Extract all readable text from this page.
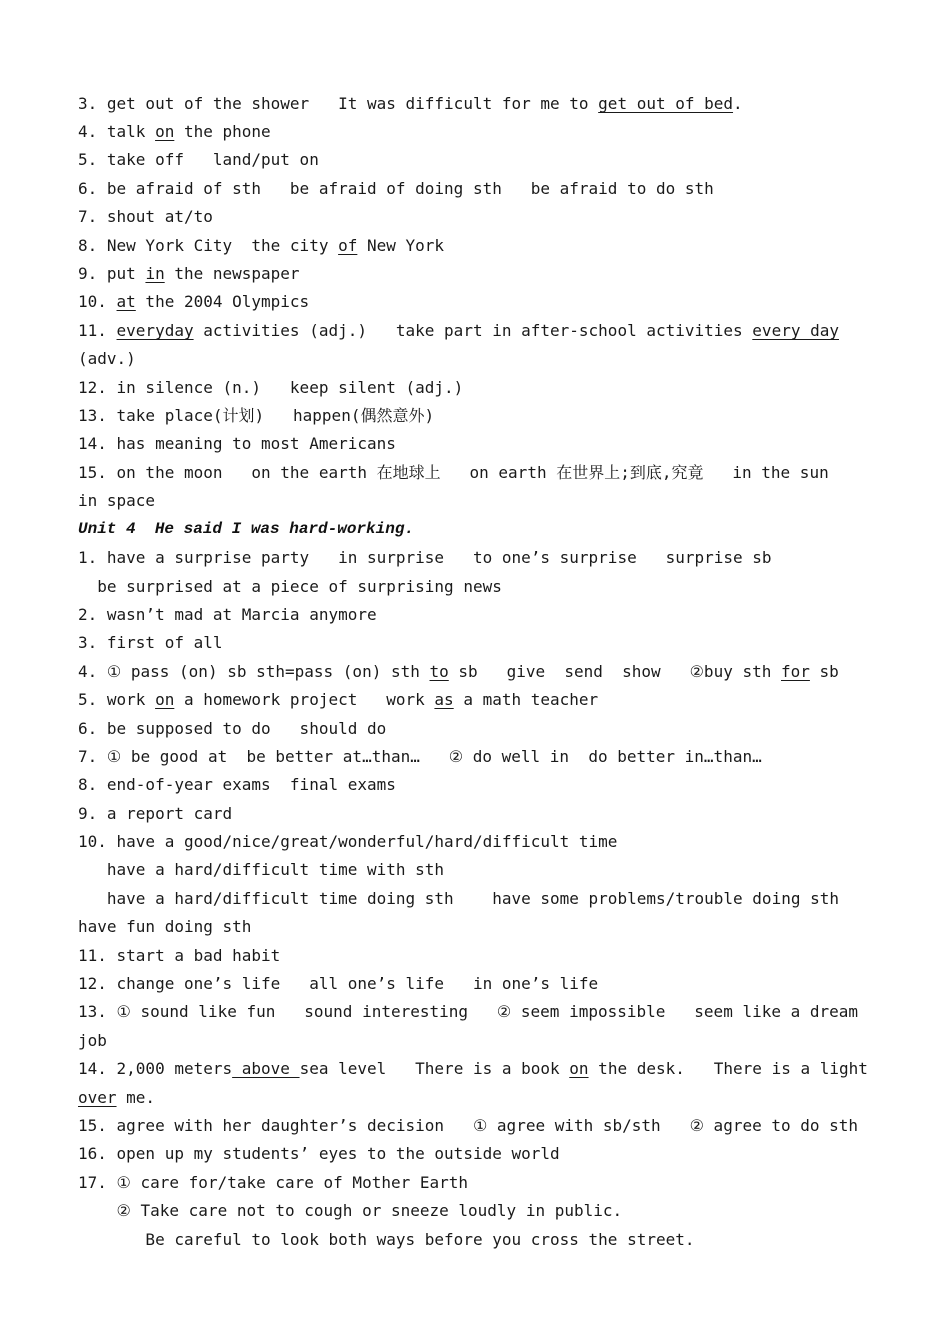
3. get out of the shower   It was difficult for me to get out of bed.
4. talk on the phone
5. take off   land/put on
6. be afraid of sth   be afraid of doing sth   be afraid to do sth
7. shout at/to
8. New York City  the city of New York
9. put in the newspaper
10. at the 2004 Olympics
11. everyday activities (adj.)   take part in after-school activities every day
(adv.)
12. in silence (n.)   keep silent (adj.)
13. take place(计划)   happen(偶然意外)
14. has meaning to most Americans
15. on the moon   on the earth 在地球上   on earth 在世界上;到底,究竟   in the sun
in space
Unit 4  He said I was hard-working.
1. have a surprise party   in surprise   to one’s surprise   surprise sb
be surprised at a piece of surprising news
2. wasn’t mad at Marcia anymore
3. first of all
4. ① pass (on) sb sth=pass (on) sth to sb   give  send  show   ②buy sth for sb
5. work on a homework project   work as a math teacher
6. be supposed to do   should do
7. ① be good at  be better at…than…   ② do well in  do better in…than…
8. end-of-year exams  final exams
9. a report card
10. have a good/nice/great/wonderful/hard/difficult time
have a hard/difficult time with sth
have a hard/difficult time doing sth    have some problems/trouble doing sth
have fun doing sth
11. start a bad habit
12. change one’s life   all one’s life   in one’s life
13. ① sound like fun   sound interesting   ② seem impossible   seem like a dream
job
14. 2,000 meters above sea level   There is a book on the desk.   There is a light
over me.
15. agree with her daughter’s decision   ① agree with sb/sth   ② agree to do sth
16. open up my students’ eyes to the outside world
17. ① care for/take care of Mother Earth
② Take care not to cough or sneeze loudly in public.
Be careful to look both ways before you cross the street.
